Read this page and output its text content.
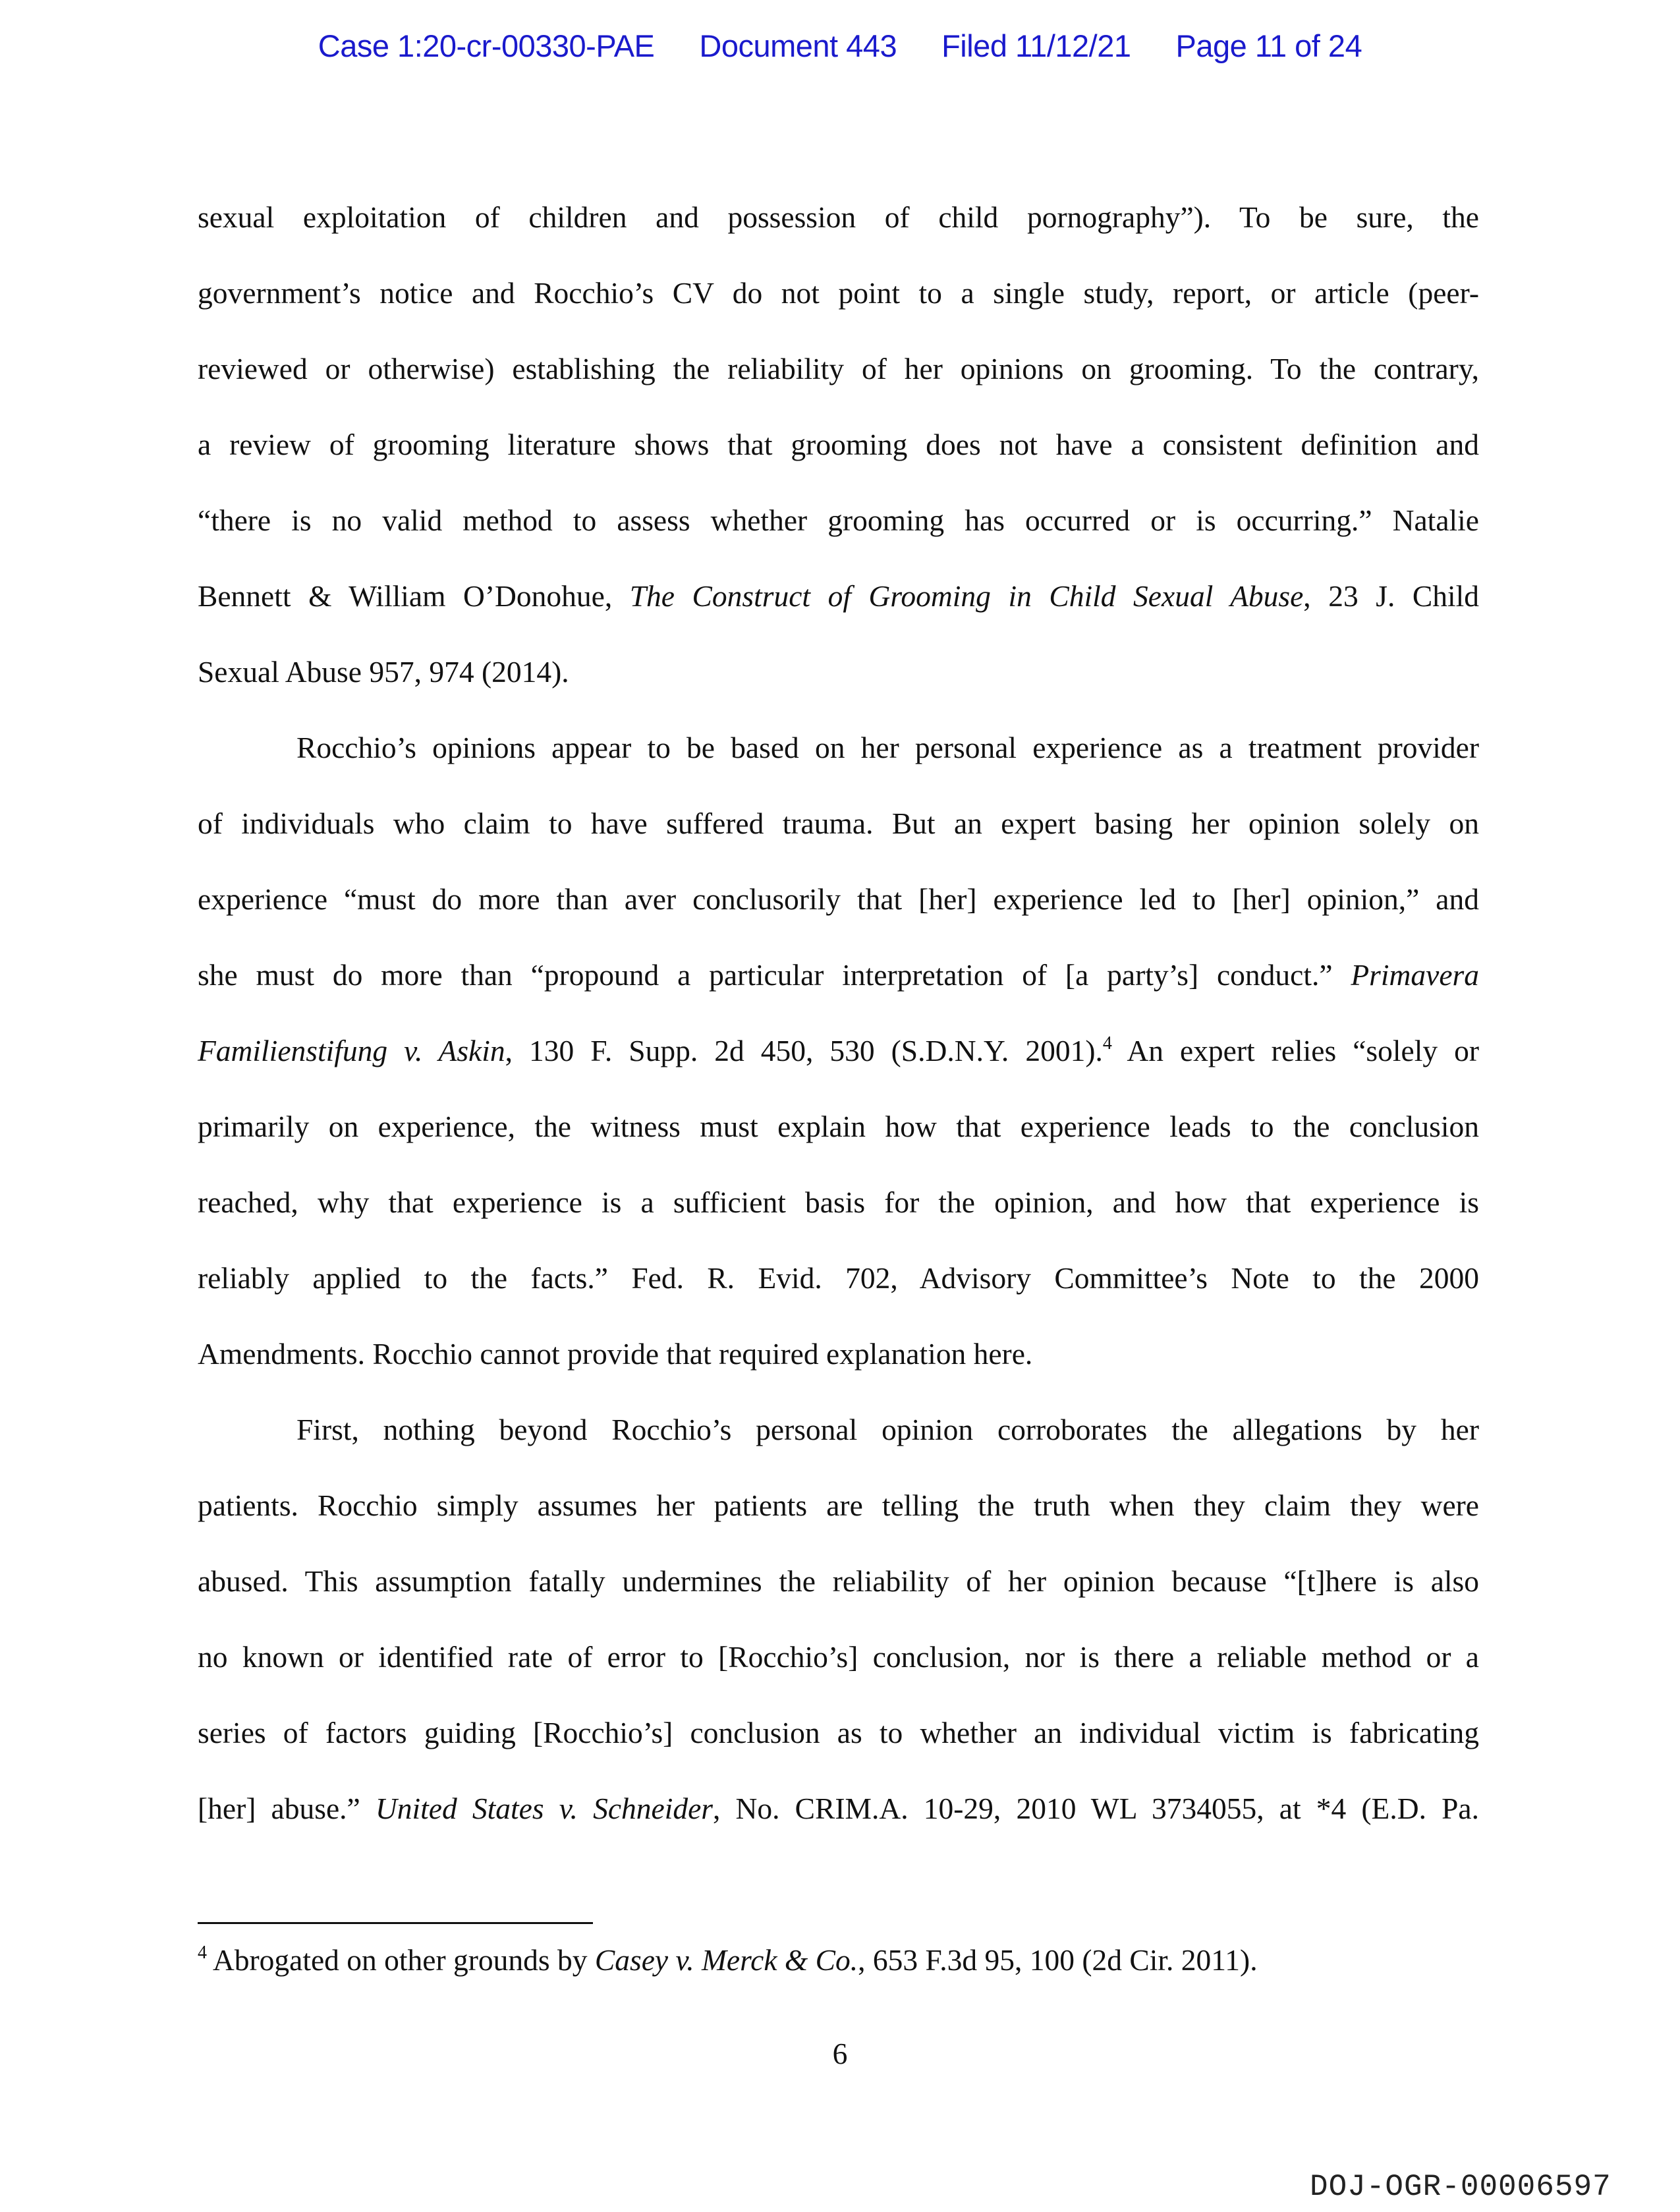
Case 1:20-cr-00330-PAE Document 443 Filed 11/12/21 Page 11 of 24
sexual exploitation of children and possession of child pornography”). To be sure, the
government’s notice and Rocchio’s CV do not point to a single study, report, or article (peer-
reviewed or otherwise) establishing the reliability of her opinions on grooming. To the contrary,
a review of grooming literature shows that grooming does not have a consistent definition and
“there is no valid method to assess whether grooming has occurred or is occurring.” Natalie
Bennett & William O’Donohue, The Construct of Grooming in Child Sexual Abuse, 23 J. Child
Sexual Abuse 957, 974 (2014).
Rocchio’s opinions appear to be based on her personal experience as a treatment provider
of individuals who claim to have suffered trauma. But an expert basing her opinion solely on
experience “must do more than aver conclusorily that [her] experience led to [her] opinion,” and
she must do more than “propound a particular interpretation of [a party’s] conduct.” Primavera
Familienstifung v. Askin, 130 F. Supp. 2d 450, 530 (S.D.N.Y. 2001).$^4$ An expert relies “solely or
primarily on experience, the witness must explain how that experience leads to the conclusion
reached, why that experience is a sufficient basis for the opinion, and how that experience is
reliably applied to the facts.” Fed. R. Evid. 702, Advisory Committee’s Note to the 2000
Amendments. Rocchio cannot provide that required explanation here.
First, nothing beyond Rocchio’s personal opinion corroborates the allegations by her
patients. Rocchio simply assumes her patients are telling the truth when they claim they were
abused. This assumption fatally undermines the reliability of her opinion because “[t]here is also
no known or identified rate of error to [Rocchio’s] conclusion, nor is there a reliable method or a
series of factors guiding [Rocchio’s] conclusion as to whether an individual victim is fabricating
[her] abuse.” United States v. Schneider, No. CRIM.A. 10-29, 2010 WL 3734055, at *4 (E.D. Pa.
$^4$ Abrogated on other grounds by Casey v. Merck & Co., 653 F.3d 95, 100 (2d Cir. 2011).
6
DOJ-OGR-00006597
